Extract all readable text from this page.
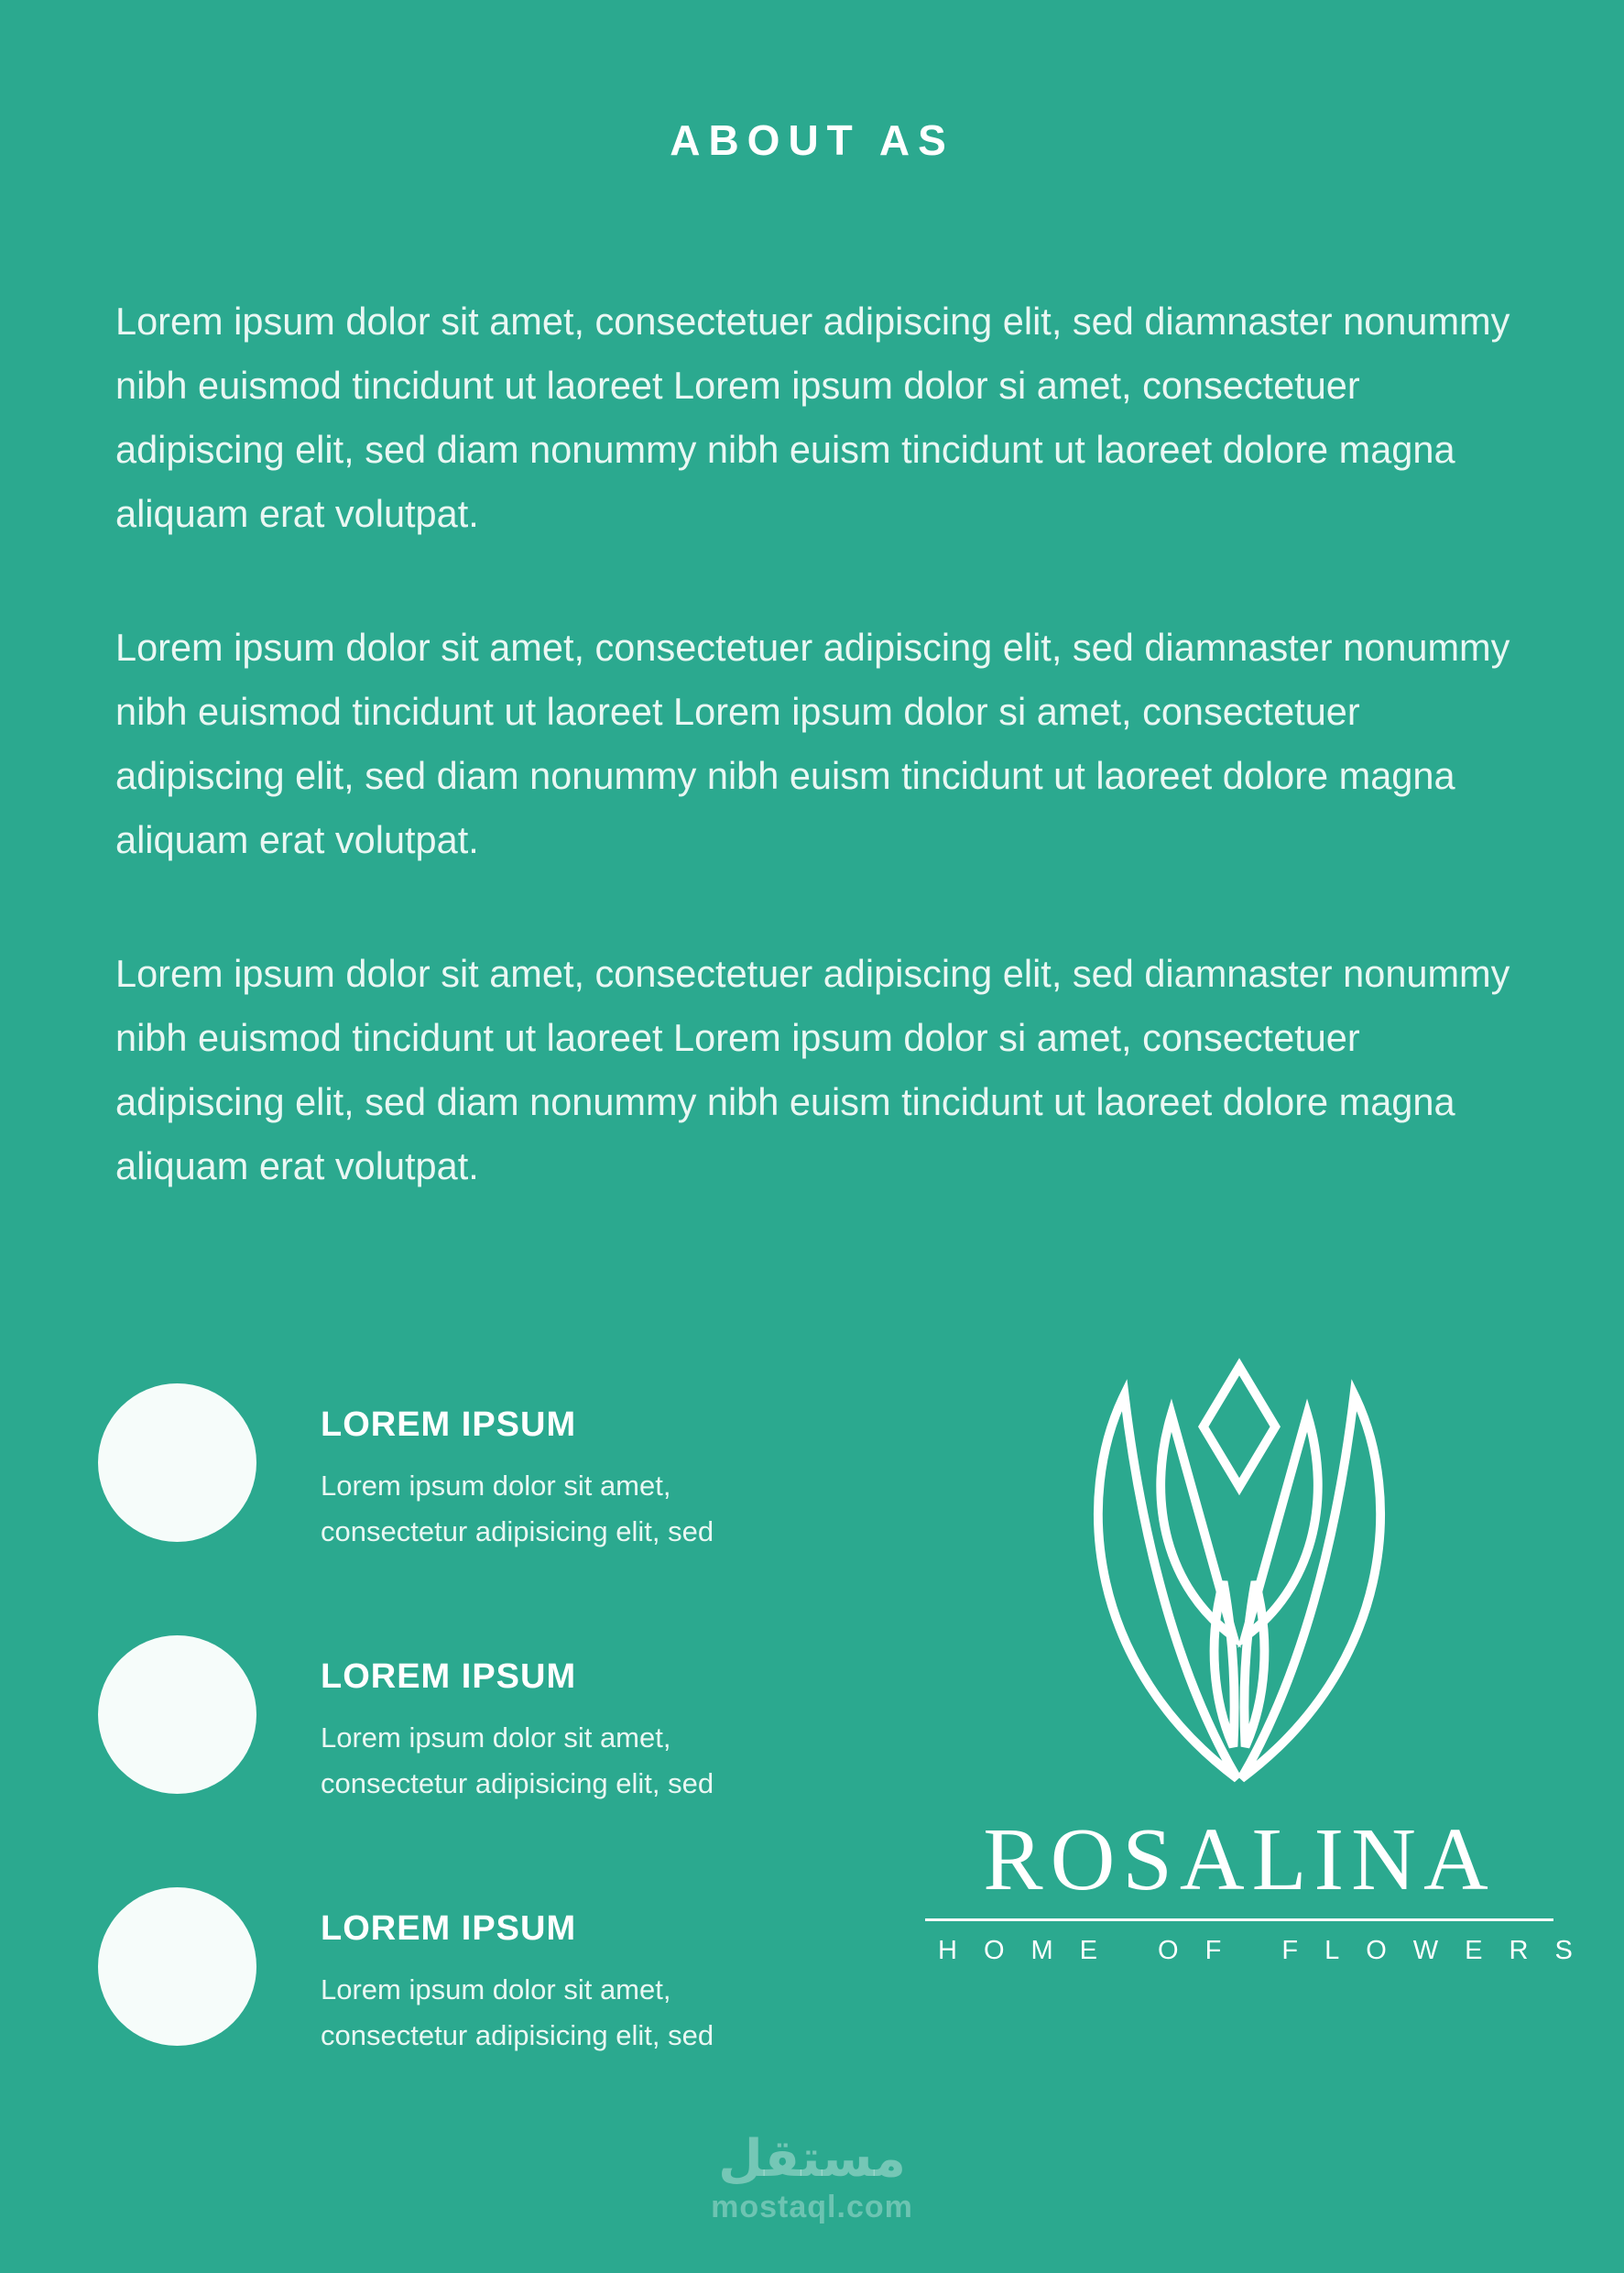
ABOUT AS

Lorem ipsum dolor sit amet, consectetuer adipiscing elit, sed diamnaster nonummy nibh euismod tincidunt ut laoreet Lorem ipsum dolor si amet, consectetuer adipiscing elit, sed diam nonummy nibh euism tincidunt ut laoreet dolore magna aliquam erat volutpat.

Lorem ipsum dolor sit amet, consectetuer adipiscing elit, sed diamnaster nonummy nibh euismod tincidunt ut laoreet Lorem ipsum dolor si amet, consectetuer adipiscing elit, sed diam nonummy nibh euism tincidunt ut laoreet dolore magna aliquam erat volutpat.

Lorem ipsum dolor sit amet, consectetuer adipiscing elit, sed diamnaster nonummy nibh euismod tincidunt ut laoreet Lorem ipsum dolor si amet, consectetuer adipiscing elit, sed diam nonummy nibh euism tincidunt ut laoreet dolore magna aliquam erat volutpat.

LOREM IPSUM
Lorem ipsum dolor sit amet,
consectetur adipisicing elit, sed
LOREM IPSUM
Lorem ipsum dolor sit amet,
consectetur adipisicing elit, sed
LOREM IPSUM
Lorem ipsum dolor sit amet,
consectetur adipisicing elit, sed
ROSALINA
HOME OF FLOWERS
مستقل
mostaql.com
